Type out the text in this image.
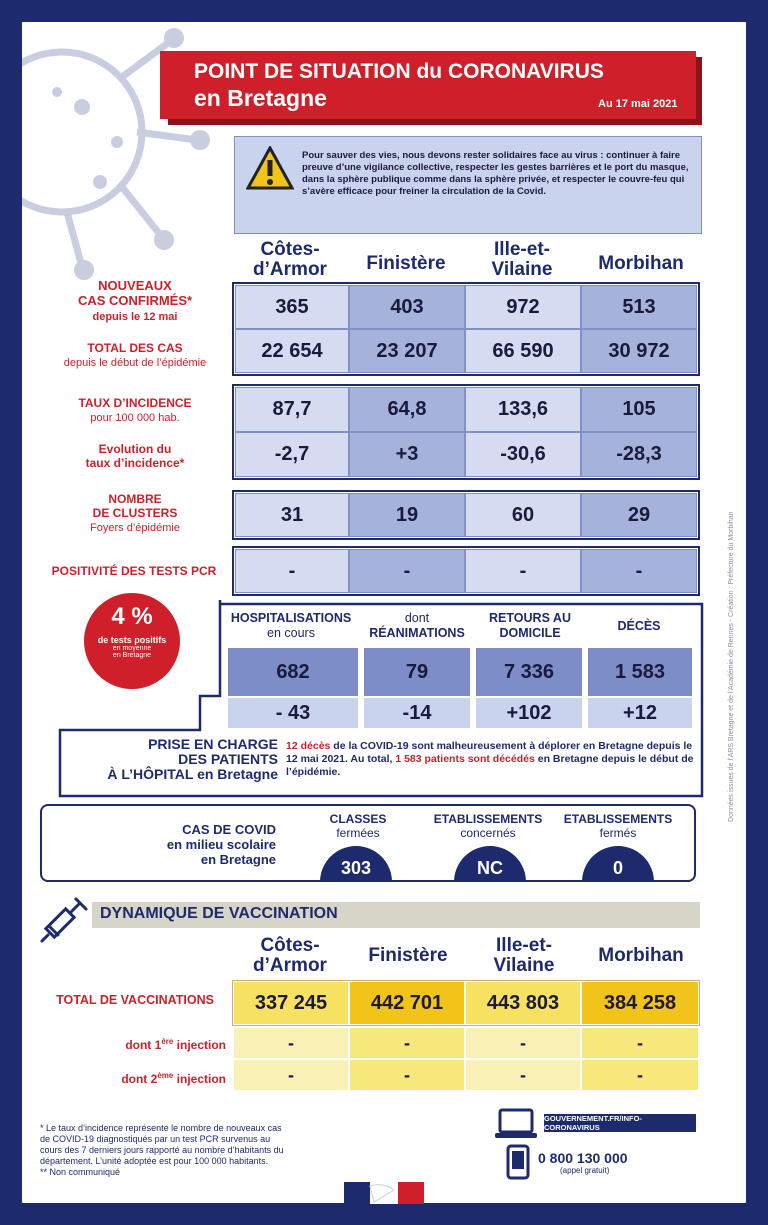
POINT DE SITUATION du CORONAVIRUS
en Bretagne	Au 17 mai 2021
Pour sauver des vies, nous devons rester solidaires face au virus : continuer à faire preuve d’une vigilance collective, respecter les gestes barrières et le port du masque, dans la sphère publique comme dans la sphère privée, et respecter le couvre-feu qui s’avère efficace pour freiner la circulation de la Covid.
Côtes-
d’Armor	Finistère
Ille-et-
Vilaine	Morbihan
NOUVEAUX
CAS CONFIRMÉS*
depuis le 12 mai	365	403	972	513
TOTAL DES CAS
depuis le début de l’épidémie
22 654	23 207	66 590	30 972
TAUX D’INCIDENCE
pour 100 000 hab.	87,7	64,8	133,6	105
Evolution du
taux d’incidence*	-2,7	+3	-30,6	-28,3
NOMBRE
DE CLUSTERS
Foyers d’épidémie
31	19	60	29
POSITIVITÉ DES TESTS PCR	-	-	-	-
4 %
de tests positifs
en moyenne
en Bretagne
HOSPITALISATIONS
en cours
dont
RÉANIMATIONS
RETOURS AU
DOMICILE	DÉCÈS
682	79	7 336	1 583
- 43	-14	+102	+12
PRISE EN CHARGE
DES PATIENTS
À L’HÔPITAL en Bretagne
12 décès de la COVID-19 sont malheureusement à déplorer en Bretagne depuis le 12 mai 2021. Au total, 1 583 patients sont décédés en Bretagne depuis le début de l’épidémie.
CAS DE COVID
en milieu scolaire
en Bretagne
CLASSES
fermées
ETABLISSEMENTS
concernés
ETABLISSEMENTS
fermés
303	NC	0
DYNAMIQUE DE VACCINATION
Côtes-
d’Armor	Finistère	Ille-et-
Vilaine	Morbihan
TOTAL DE VACCINATIONS	337 245	442 701	443 803	384 258
dont 1ère injection	-	-	-	-
dont 2ème injection	-	-	-	-
* Le taux d’incidence représente le nombre de nouveaux cas de COVID-19 diagnostiqués par un test PCR survenus au cours des 7 derniers jours rapporté au nombre d’habitants du département. L’unité adoptée est pour 100 000 habitants.
** Non communiqué
GOUVERNEMENT.FR/INFO-CORONAVIRUS
0 800 130 000
(appel gratuit)
Données issues de l’ARS Bretagne et de l’Académie de Rennes - Création : Préfecture du Morbihan
